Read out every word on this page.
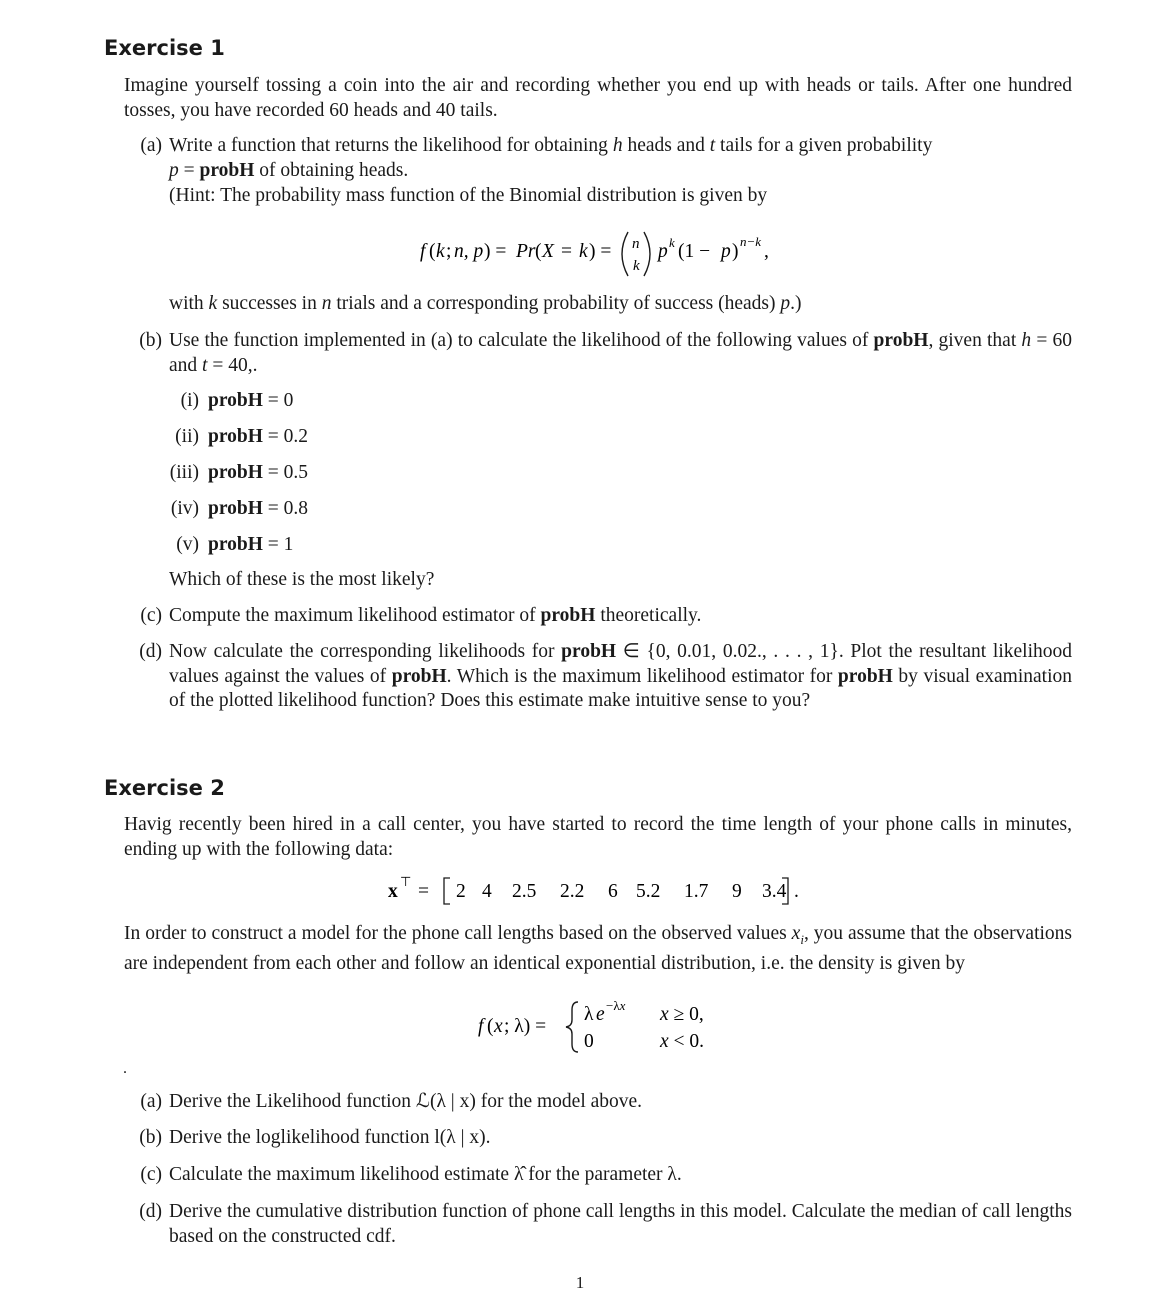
Exercise 1
Imagine yourself tossing a coin into the air and recording whether you end up with heads or tails. After one hundred tosses, you have recorded 60 heads and 40 tails.
(a) Write a function that returns the likelihood for obtaining h heads and t tails for a given probability
p = probH of obtaining heads.
(Hint: The probability mass function of the Binomial distribution is given by
f ( k ; n, p ) = Pr ( X = k ) = n
k
p k (1 − p ) n−k ,
with k successes in n trials and a corresponding probability of success (heads) p.)
(b) Use the function implemented in (a) to calculate the likelihood of the following values of probH, given that h = 60 and t = 40,.
(i) probH = 0
(ii) probH = 0.2
(iii) probH = 0.5
(iv) probH = 0.8
(v) probH = 1
Which of these is the most likely?
(c) Compute the maximum likelihood estimator of probH theoretically.
(d) Now calculate the corresponding likelihoods for probH ∈ {0, 0.01, 0.02., . . . , 1}. Plot the resultant likelihood values against the values of probH. Which is the maximum likelihood estimator for probH by visual examination of the plotted likelihood function? Does this estimate make intuitive sense to you?
Exercise 2
Havig recently been hired in a call center, you have started to record the time length of your phone calls in minutes, ending up with the following data:
x ⊤ = 2 4 2.5 2.2 6 5.2 1.7 9 3.4 .
In order to construct a model for the phone call lengths based on the observed values $x_i$, you assume that the observations are independent from each other and follow an identical exponential distribution, i.e. the density is given by
f ( x ; λ) =
λ e −λx x ≥ 0,
0	x < 0.
.
(a) Derive the Likelihood function ℒ(λ | x) for the model above.
(b) Derive the loglikelihood function l(λ | x).
(c) Calculate the maximum likelihood estimate λ̂ for the parameter λ.
(d) Derive the cumulative distribution function of phone call lengths in this model. Calculate the median of call lengths based on the constructed cdf.
1
